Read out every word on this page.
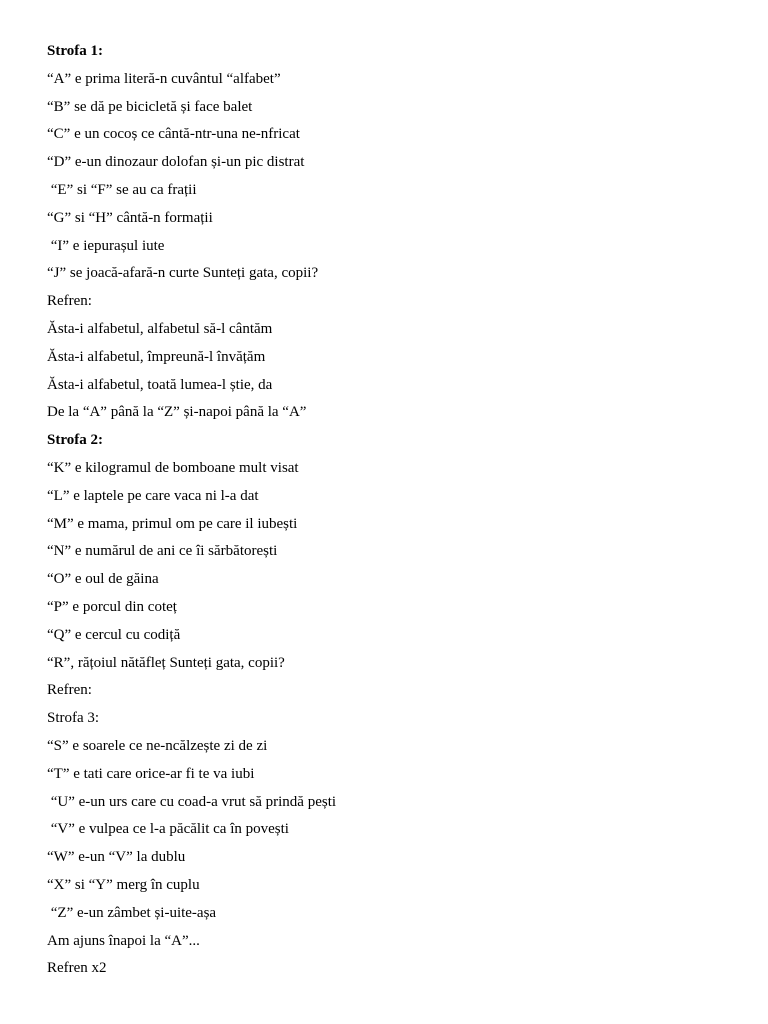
Strofa 1:
“A” e prima literă-n cuvântul “alfabet”
“B” se dă pe bicicletă și face balet
“C” e un cocoș ce cântă-ntr-una ne-nfricat
“D” e-un dinozaur dolofan și-un pic distrat
“E” si “F” se au ca frații
“G” si “H” cântă-n formații
“I” e iepurașul iute
“J” se joacă-afară-n curte Sunteți gata, copii?
Refren:
Ăsta-i alfabetul, alfabetul să-l cântăm
Ăsta-i alfabetul, împreună-l învățăm
Ăsta-i alfabetul, toată lumea-l știe, da
De la “A” până la “Z” și-napoi până la “A”
Strofa 2:
“K” e kilogramul de bomboane mult visat
“L” e laptele pe care vaca ni l-a dat
“M” e mama, primul om pe care il iubești
“N” e numărul de ani ce îi sărbătorești
“O” e oul de găina
“P” e porcul din coteț
“Q” e cercul cu codiță
“R”, rățoiul nătăfleț Sunteți gata, copii?
Refren:
Strofa 3:
“S” e soarele ce ne-ncălzește zi de zi
“T” e tati care orice-ar fi te va iubi
“U” e-un urs care cu coad-a vrut să prindă pești
“V” e vulpea ce l-a păcălit ca în povești
“W” e-un “V” la dublu
“X” si “Y” merg în cuplu
“Z” e-un zâmbet și-uite-așa
Am ajuns înapoi la “A”...
Refren x2
